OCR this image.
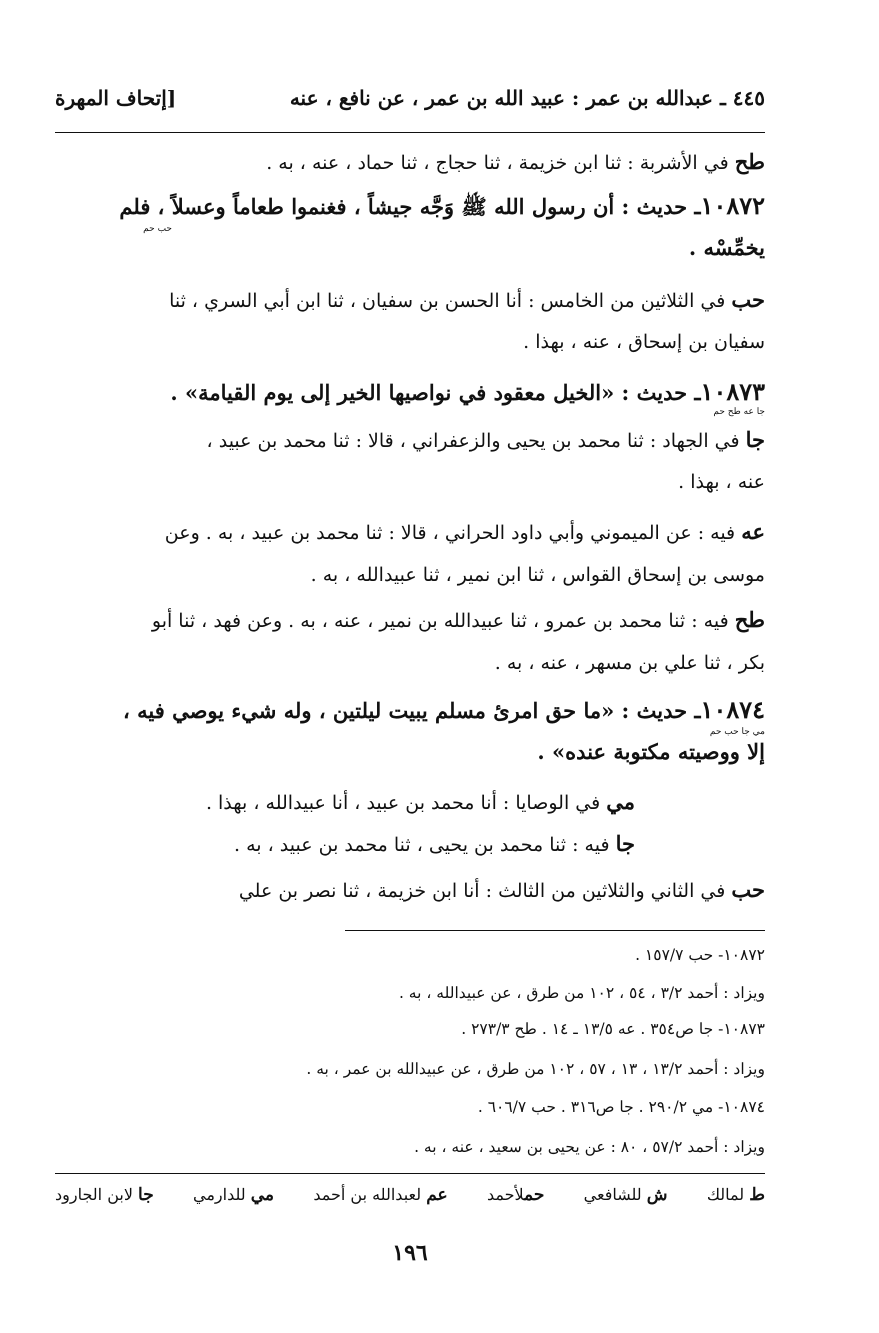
٤٤٥ ـ عبدالله بن عمر : عبيد الله بن عمر ، عن نافع ، عنه
[إتحاف المهرة
طح في الأشربة : ثنا ابن خزيمة ، ثنا حجاج ، ثنا حماد ، عنه ، به .
١٠٨٧٢ـ حديث : أن رسول الله ﷺ وَجَّه جيشاً ، فغنموا طعاماً وعسلاً ، فلم
حب حم
يخمِّسْه .
حب في الثلاثين من الخامس : أنا الحسن بن سفيان ، ثنا ابن أبي السري ، ثنا
سفيان بن إسحاق ، عنه ، بهذا .
١٠٨٧٣ـ حديث : «الخيل معقود في نواصيها الخير إلى يوم القيامة» .
جا عه طح حم
جا في الجهاد : ثنا محمد بن يحيى والزعفراني ، قالا : ثنا محمد بن عبيد ،
عنه ، بهذا .
عه فيه : عن الميموني وأبي داود الحراني ، قالا : ثنا محمد بن عبيد ، به . وعن
موسى بن إسحاق القواس ، ثنا ابن نمير ، ثنا عبيدالله ، به .
طح فيه : ثنا محمد بن عمرو ، ثنا عبيدالله بن نمير ، عنه ، به . وعن فهد ، ثنا أبو
بكر ، ثنا علي بن مسهر ، عنه ، به .
١٠٨٧٤ـ حديث : «ما حق امرئ مسلم يبيت ليلتين ، وله شيء يوصي فيه ،
مي جا حب حم
إلا ووصيته مكتوبة عنده» .
مي في الوصايا : أنا محمد بن عبيد ، أنا عبيدالله ، بهذا .
جا فيه : ثنا محمد بن يحيى ، ثنا محمد بن عبيد ، به .
حب في الثاني والثلاثين من الثالث : أنا ابن خزيمة ، ثنا نصر بن علي
١٠٨٧٢- حب ١٥٧/٧ .
ويزاد : أحمد ٣/٢ ، ٥٤ ، ١٠٢ من طرق ، عن عبيدالله ، به .
١٠٨٧٣- جا ص٣٥٤ . عه ١٣/٥ ـ ١٤ . طح ٢٧٣/٣ .
ويزاد : أحمد ١٣/٢ ، ١٣ ، ٥٧ ، ١٠٢ من طرق ، عن عبيدالله بن عمر ، به .
١٠٨٧٤- مي ٢٩٠/٢ . جا ص٣١٦ . حب ٦٠٦/٧ .
ويزاد : أحمد ٥٧/٢ ، ٨٠ : عن يحيى بن سعيد ، عنه ، به .
ط لمالك
ش للشافعي
حملأحمد
عم لعبدالله بن أحمد
مي للدارمي
جا لابن الجارود
١٩٦
